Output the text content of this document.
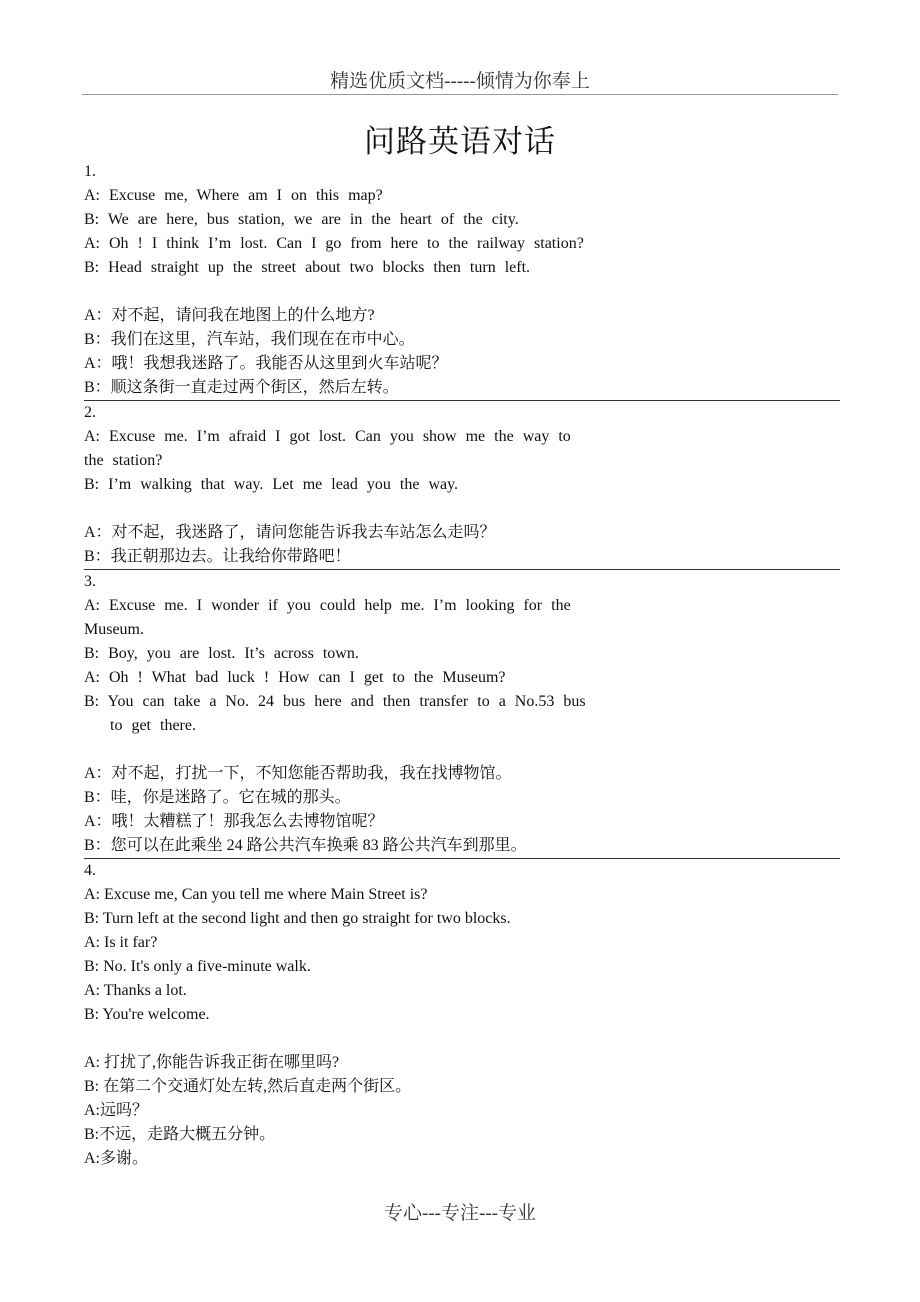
精选优质文档-----倾情为你奉上
问路英语对话
1.
A: Excuse me, Where am I on this map?
B: We are here, bus station, we are in the heart of the city.
A: Oh ! I think I’m lost. Can I go from here to the railway station?
B: Head straight up the street about two blocks then turn left.
A：对不起，请问我在地图上的什么地方?
B：我们在这里，汽车站，我们现在在市中心。
A：哦！我想我迷路了。我能否从这里到火车站呢？
B：顺这条街一直走过两个街区，然后左转。
2.
A: Excuse me. I’m afraid I got lost. Can you show me the way to
the station?
B: I’m walking that way. Let me lead you the way.
A：对不起，我迷路了，请问您能告诉我去车站怎么走吗？
B：我正朝那边去。让我给你带路吧！
3.
A: Excuse me. I wonder if you could help me. I’m looking for the
Museum.
B: Boy, you are lost. It’s across town.
A: Oh ! What bad luck ! How can I get to the Museum?
B: You can take a No. 24 bus here and then transfer to a No.53 bus
to get there.
A：对不起，打扰一下，不知您能否帮助我，我在找博物馆。
B：哇，你是迷路了。它在城的那头。
A：哦！太糟糕了！那我怎么去博物馆呢？
B：您可以在此乘坐 24 路公共汽车换乘 83 路公共汽车到那里。
4.
A: Excuse me, Can you tell me where Main Street is?
B: Turn left at the second light and then go straight for two blocks.
A: Is it far?
B: No. It's only a five-minute walk.
A: Thanks a lot.
B: You're welcome.
A: 打扰了,你能告诉我正街在哪里吗?
B: 在第二个交通灯处左转,然后直走两个街区。
A:远吗？
B:不远，走路大概五分钟。
A:多谢。
专心---专注---专业
